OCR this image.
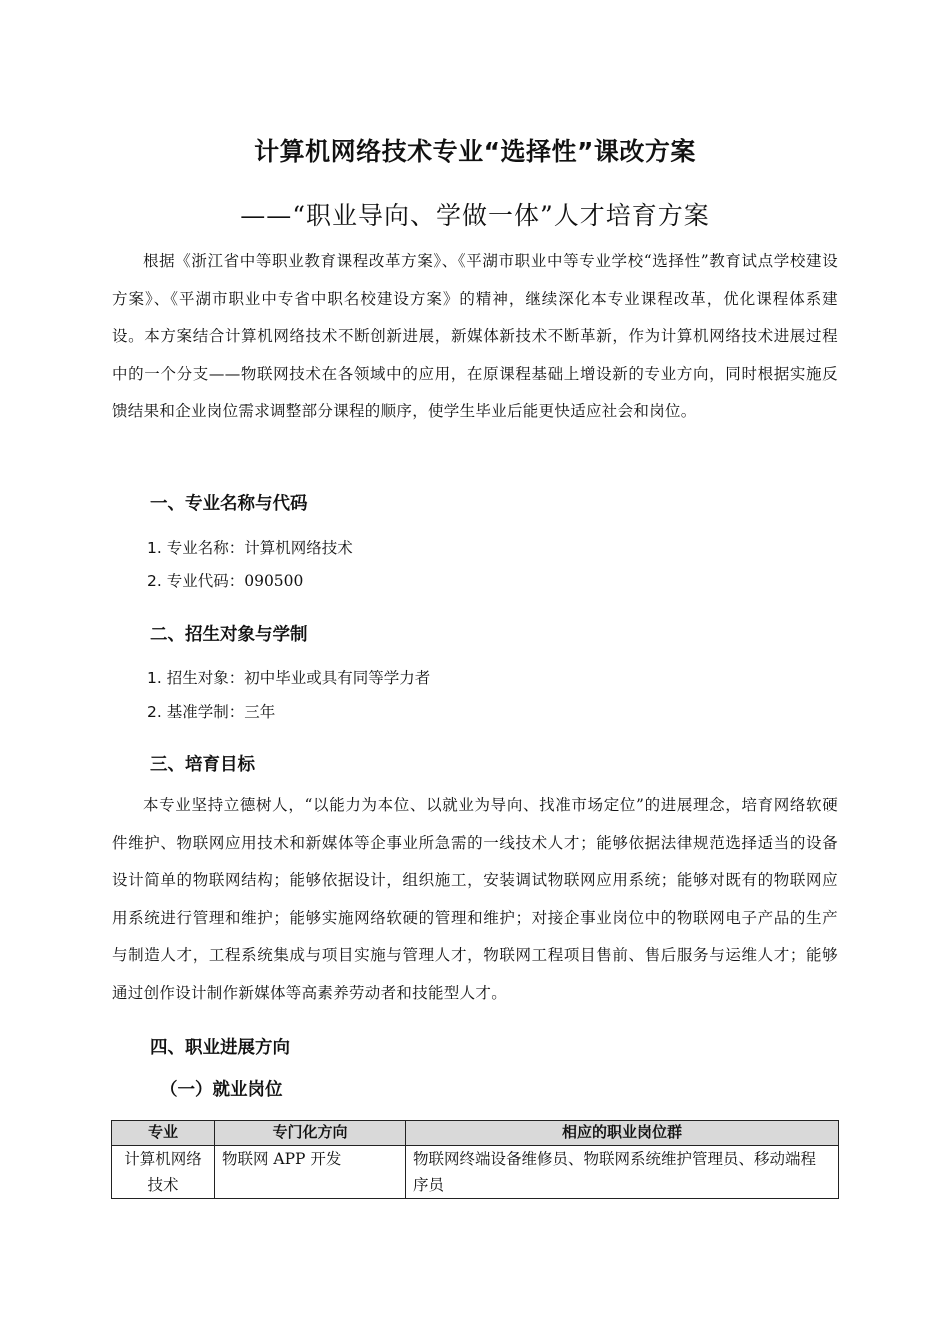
计算机网络技术专业“选择性”课改方案
——“职业导向、学做一体”人才培育方案

根据《浙江省中等职业教育课程改革方案》、《平湖市职业中等专业学校“选择性”教育试点学校建设方案》、《平湖市职业中专省中职名校建设方案》的精神，继续深化本专业课程改革，优化课程体系建设。本方案结合计算机网络技术不断创新进展，新媒体新技术不断革新，作为计算机网络技术进展过程中的一个分支——物联网技术在各领域中的应用，在原课程基础上增设新的专业方向，同时根据实施反馈结果和企业岗位需求调整部分课程的顺序，使学生毕业后能更快适应社会和岗位。

一、专业名称与代码
1. 专业名称：计算机网络技术
2. 专业代码：090500
二、招生对象与学制
1. 招生对象：初中毕业或具有同等学力者
2. 基准学制：三年
三、培育目标

本专业坚持立德树人，“以能力为本位、以就业为导向、找准市场定位”的进展理念，培育网络软硬件维护、物联网应用技术和新媒体等企事业所急需的一线技术人才；能够依据法律规范选择适当的设备设计简单的物联网结构；能够依据设计，组织施工，安装调试物联网应用系统；能够对既有的物联网应用系统进行管理和维护；能够实施网络软硬的管理和维护；对接企事业岗位中的物联网电子产品的生产与制造人才，工程系统集成与项目实施与管理人才，物联网工程项目售前、售后服务与运维人才；能够通过创作设计制作新媒体等高素养劳动者和技能型人才。

四、职业进展方向
（一）就业岗位
专业	专门化方向	相应的职业岗位群
计算机网络技术	物联网 APP 开发	物联网终端设备维修员、物联网系统维护管理员、移动端程序员
